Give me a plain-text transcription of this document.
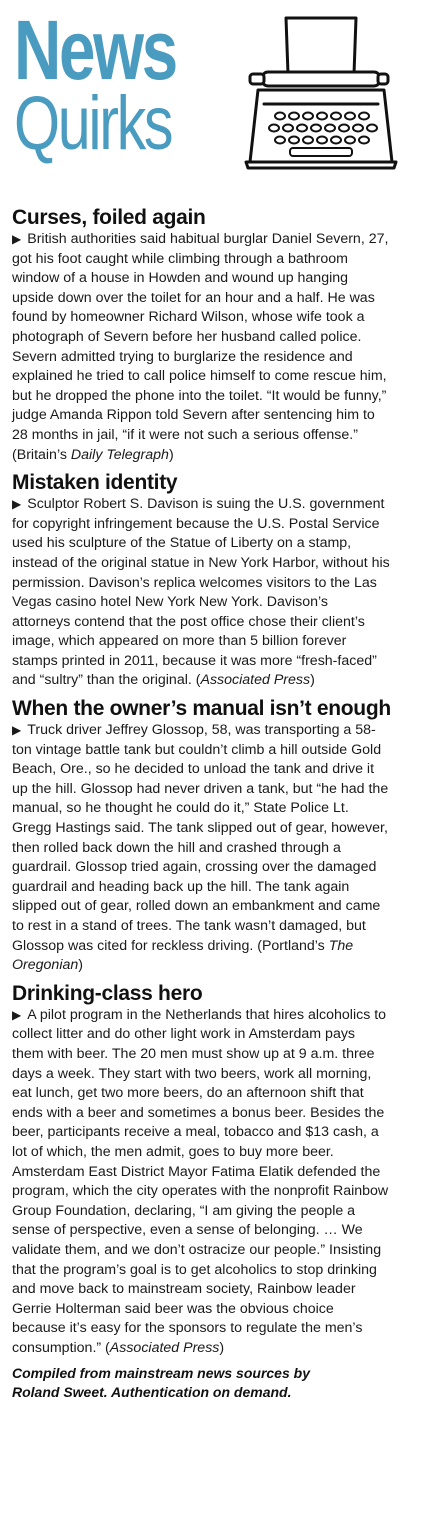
News
Quirks
Curses, foiled again

▶ British authorities said habitual burglar Daniel Severn, 27, got his foot caught while climbing through a bathroom window of a house in Howden and wound up hanging upside down over the toilet for an hour and a half. He was found by homeowner Richard Wilson, whose wife took a photograph of Severn before her husband called police. Severn admitted trying to burglarize the residence and explained he tried to call police himself to come rescue him, but he dropped the phone into the toilet. “It would be funny,” judge Amanda Rippon told Severn after sentencing him to 28 months in jail, “if it were not such a serious offense.” (Britain’s Daily Telegraph)

Mistaken identity

▶ Sculptor Robert S. Davison is suing the U.S. government for copyright infringement because the U.S. Postal Service used his sculpture of the Statue of Liberty on a stamp, instead of the original statue in New York Harbor, without his permission. Davison’s replica welcomes visitors to the Las Vegas casino hotel New York New York. Davison’s attorneys contend that the post office chose their client’s image, which appeared on more than 5 billion forever stamps printed in 2011, because it was more “fresh-faced” and “sultry” than the original. (Associated Press)

When the owner’s manual isn’t enough

▶ Truck driver Jeffrey Glossop, 58, was transporting a 58-ton vintage battle tank but couldn’t climb a hill outside Gold Beach, Ore., so he decided to unload the tank and drive it up the hill. Glossop had never driven a tank, but “he had the manual, so he thought he could do it,” State Police Lt. Gregg Hastings said. The tank slipped out of gear, however, then rolled back down the hill and crashed through a guardrail. Glossop tried again, crossing over the damaged guardrail and heading back up the hill. The tank again slipped out of gear, rolled down an embankment and came to rest in a stand of trees. The tank wasn’t damaged, but Glossop was cited for reckless driving. (Portland’s The Oregonian)

Drinking-class hero

▶ A pilot program in the Netherlands that hires alcoholics to collect litter and do other light work in Amsterdam pays them with beer. The 20 men must show up at 9 a.m. three days a week. They start with two beers, work all morning, eat lunch, get two more beers, do an afternoon shift that ends with a beer and sometimes a bonus beer. Besides the beer, participants receive a meal, tobacco and $13 cash, a lot of which, the men admit, goes to buy more beer. Amsterdam East District Mayor Fatima Elatik defended the program, which the city operates with the nonprofit Rainbow Group Foundation, declaring, “I am giving the people a sense of perspective, even a sense of belonging. … We validate them, and we don’t ostracize our people.” Insisting that the program’s goal is to get alcoholics to stop drinking and move back to mainstream society, Rainbow leader Gerrie Holterman said beer was the obvious choice because it’s easy for the sponsors to regulate the men’s consumption.” (Associated Press)

Compiled from mainstream news sources by
Roland Sweet. Authentication on demand.
